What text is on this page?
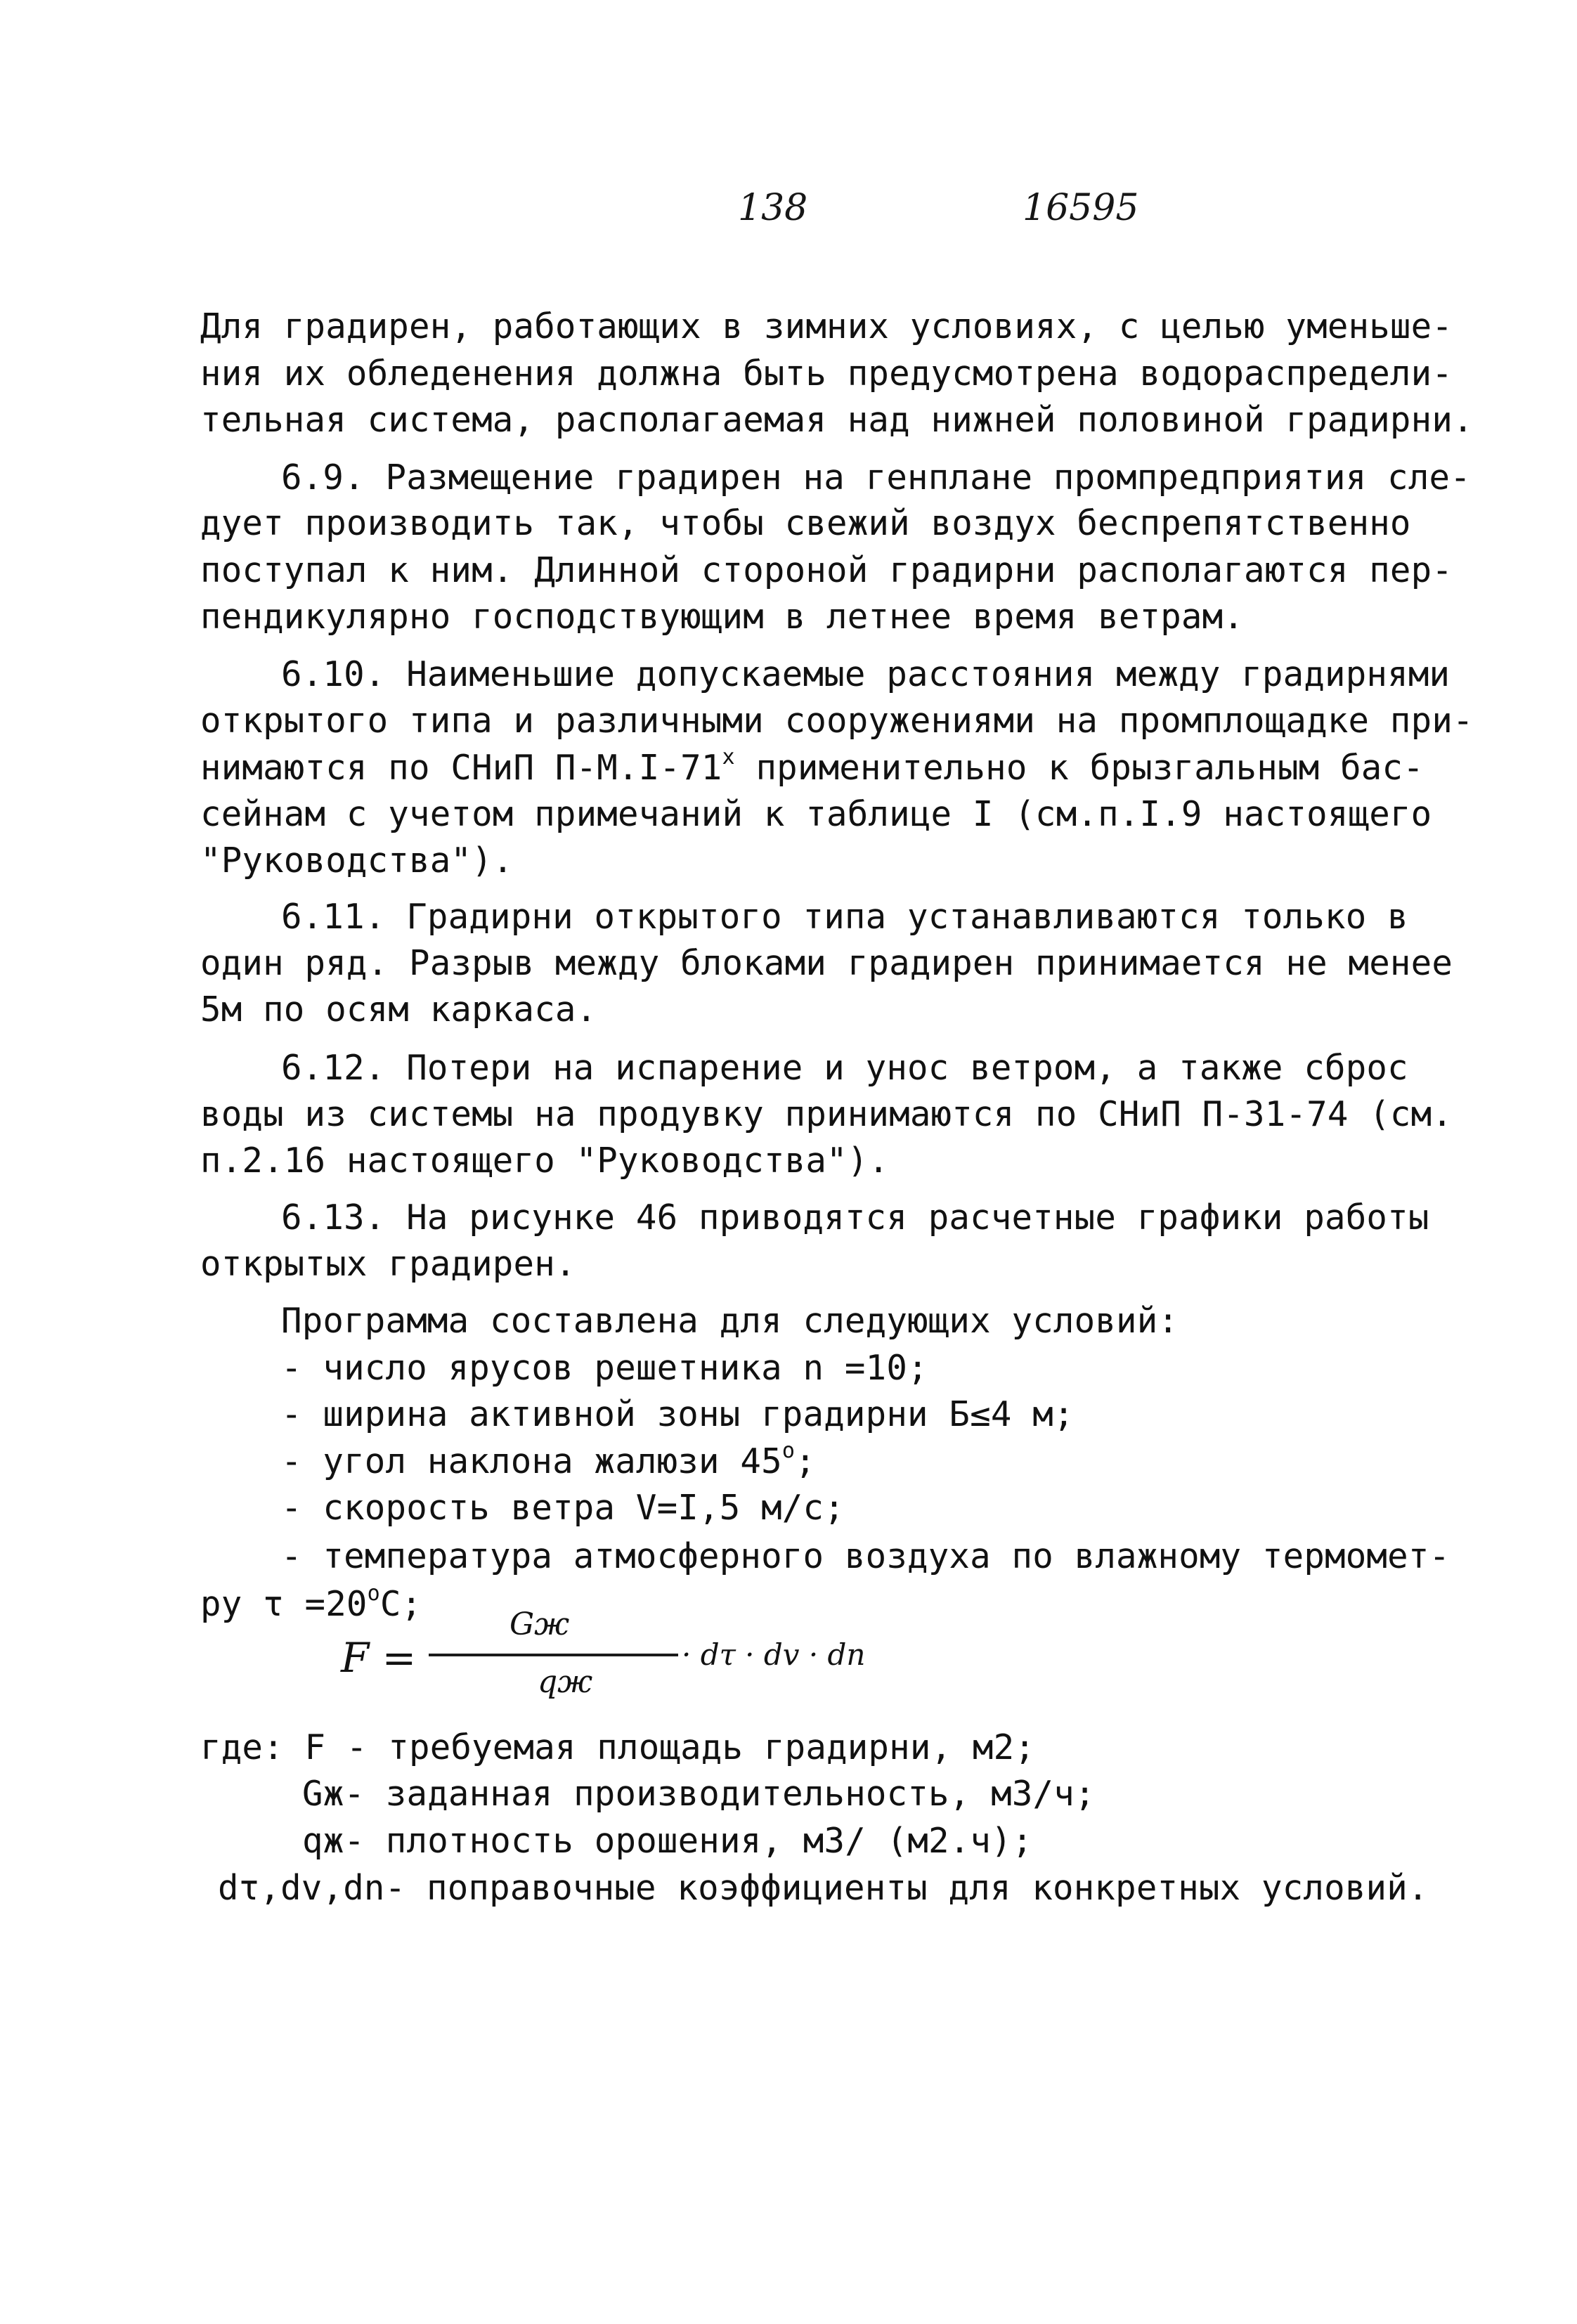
138	16595
Для градирен, работающих в зимних условиях, с целью уменьше-
ния их обледенения должна быть предусмотрена водораспредели-
тельная система, располагаемая над нижней половиной градирни.
6.9. Размещение градирен на генплане промпредприятия сле-
дует производить так, чтобы свежий воздух беспрепятственно
поступал к ним. Длинной стороной градирни располагаются пер-
пендикулярно господствующим в летнее время ветрам.
6.10. Наименьшие допускаемые расстояния между градирнями
открытого типа и различными сооружениями на промплощадке при-
нимаются по СНиП П-М.I-71$^x$ применительно к брызгальным бас-
сейнам с учетом примечаний к таблице I (см.п.I.9 настоящего
"Руководства").
6.11. Градирни открытого типа устанавливаются только в
один ряд. Разрыв между блоками градирен принимается не менее
5м по осям каркаса.
6.12. Потери на испарение и унос ветром, а также сброс
воды из системы на продувку принимаются по СНиП П-31-74 (см.
п.2.16 настоящего "Руководства").
6.13. На рисунке 46 приводятся расчетные графики работы
открытых градирен.
Программа составлена для следующих условий:
- число ярусов решетника n =10;
- ширина активной зоны градирни Б≤4 м;
- угол наклона жалюзи $45^о$;
- скорость ветра V=I,5 м/с;
- температура атмосферного воздуха по влажному термомет-
ру $\tau =20^оС$;
F =
Gж
qж
· dτ · dv · dn
где: F - требуемая площадь градирни, м2;
Gж- заданная производительность, м3/ч;
qж- плотность орошения, м3/ (м2.ч);
dτ,dv,dn- поправочные коэффициенты для конкретных условий.
